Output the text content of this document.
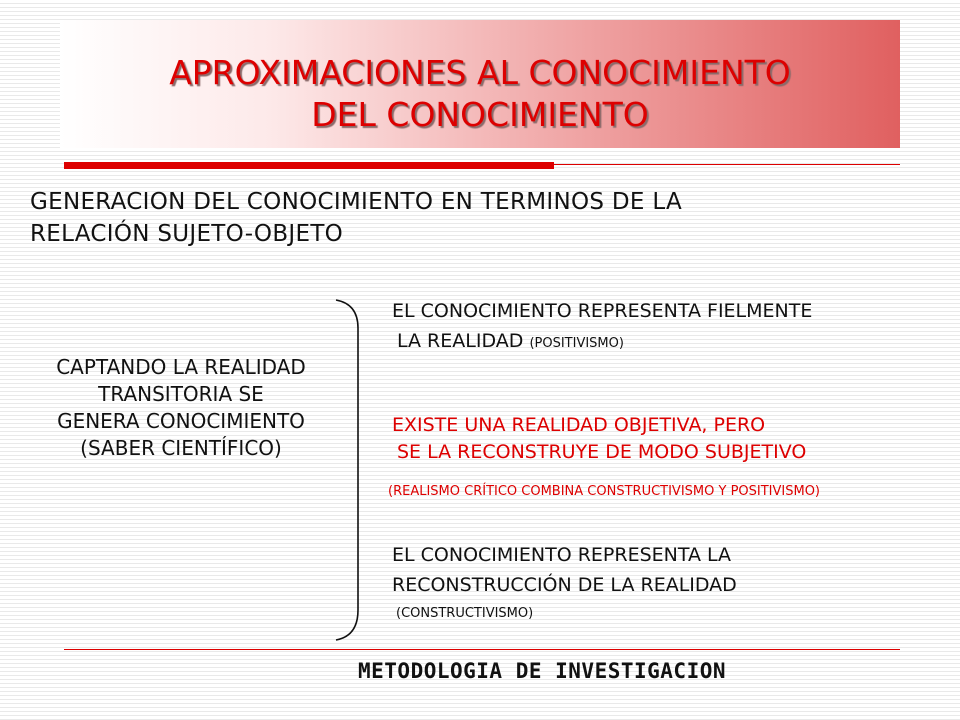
APROXIMACIONES AL CONOCIMIENTO
DEL CONOCIMIENTO
GENERACION DEL CONOCIMIENTO EN TERMINOS DE LA
RELACIÓN SUJETO-OBJETO
CAPTANDO LA REALIDAD
TRANSITORIA SE
GENERA CONOCIMIENTO
(SABER CIENTÍFICO)
EL CONOCIMIENTO REPRESENTA FIELMENTE
LA REALIDAD (POSITIVISMO)
EXISTE UNA REALIDAD OBJETIVA, PERO
SE LA RECONSTRUYE DE MODO SUBJETIVO
(REALISMO CRÍTICO COMBINA CONSTRUCTIVISMO Y POSITIVISMO)
EL CONOCIMIENTO REPRESENTA LA
RECONSTRUCCIÓN DE LA REALIDAD
(CONSTRUCTIVISMO)
METODOLOGIA DE INVESTIGACION
